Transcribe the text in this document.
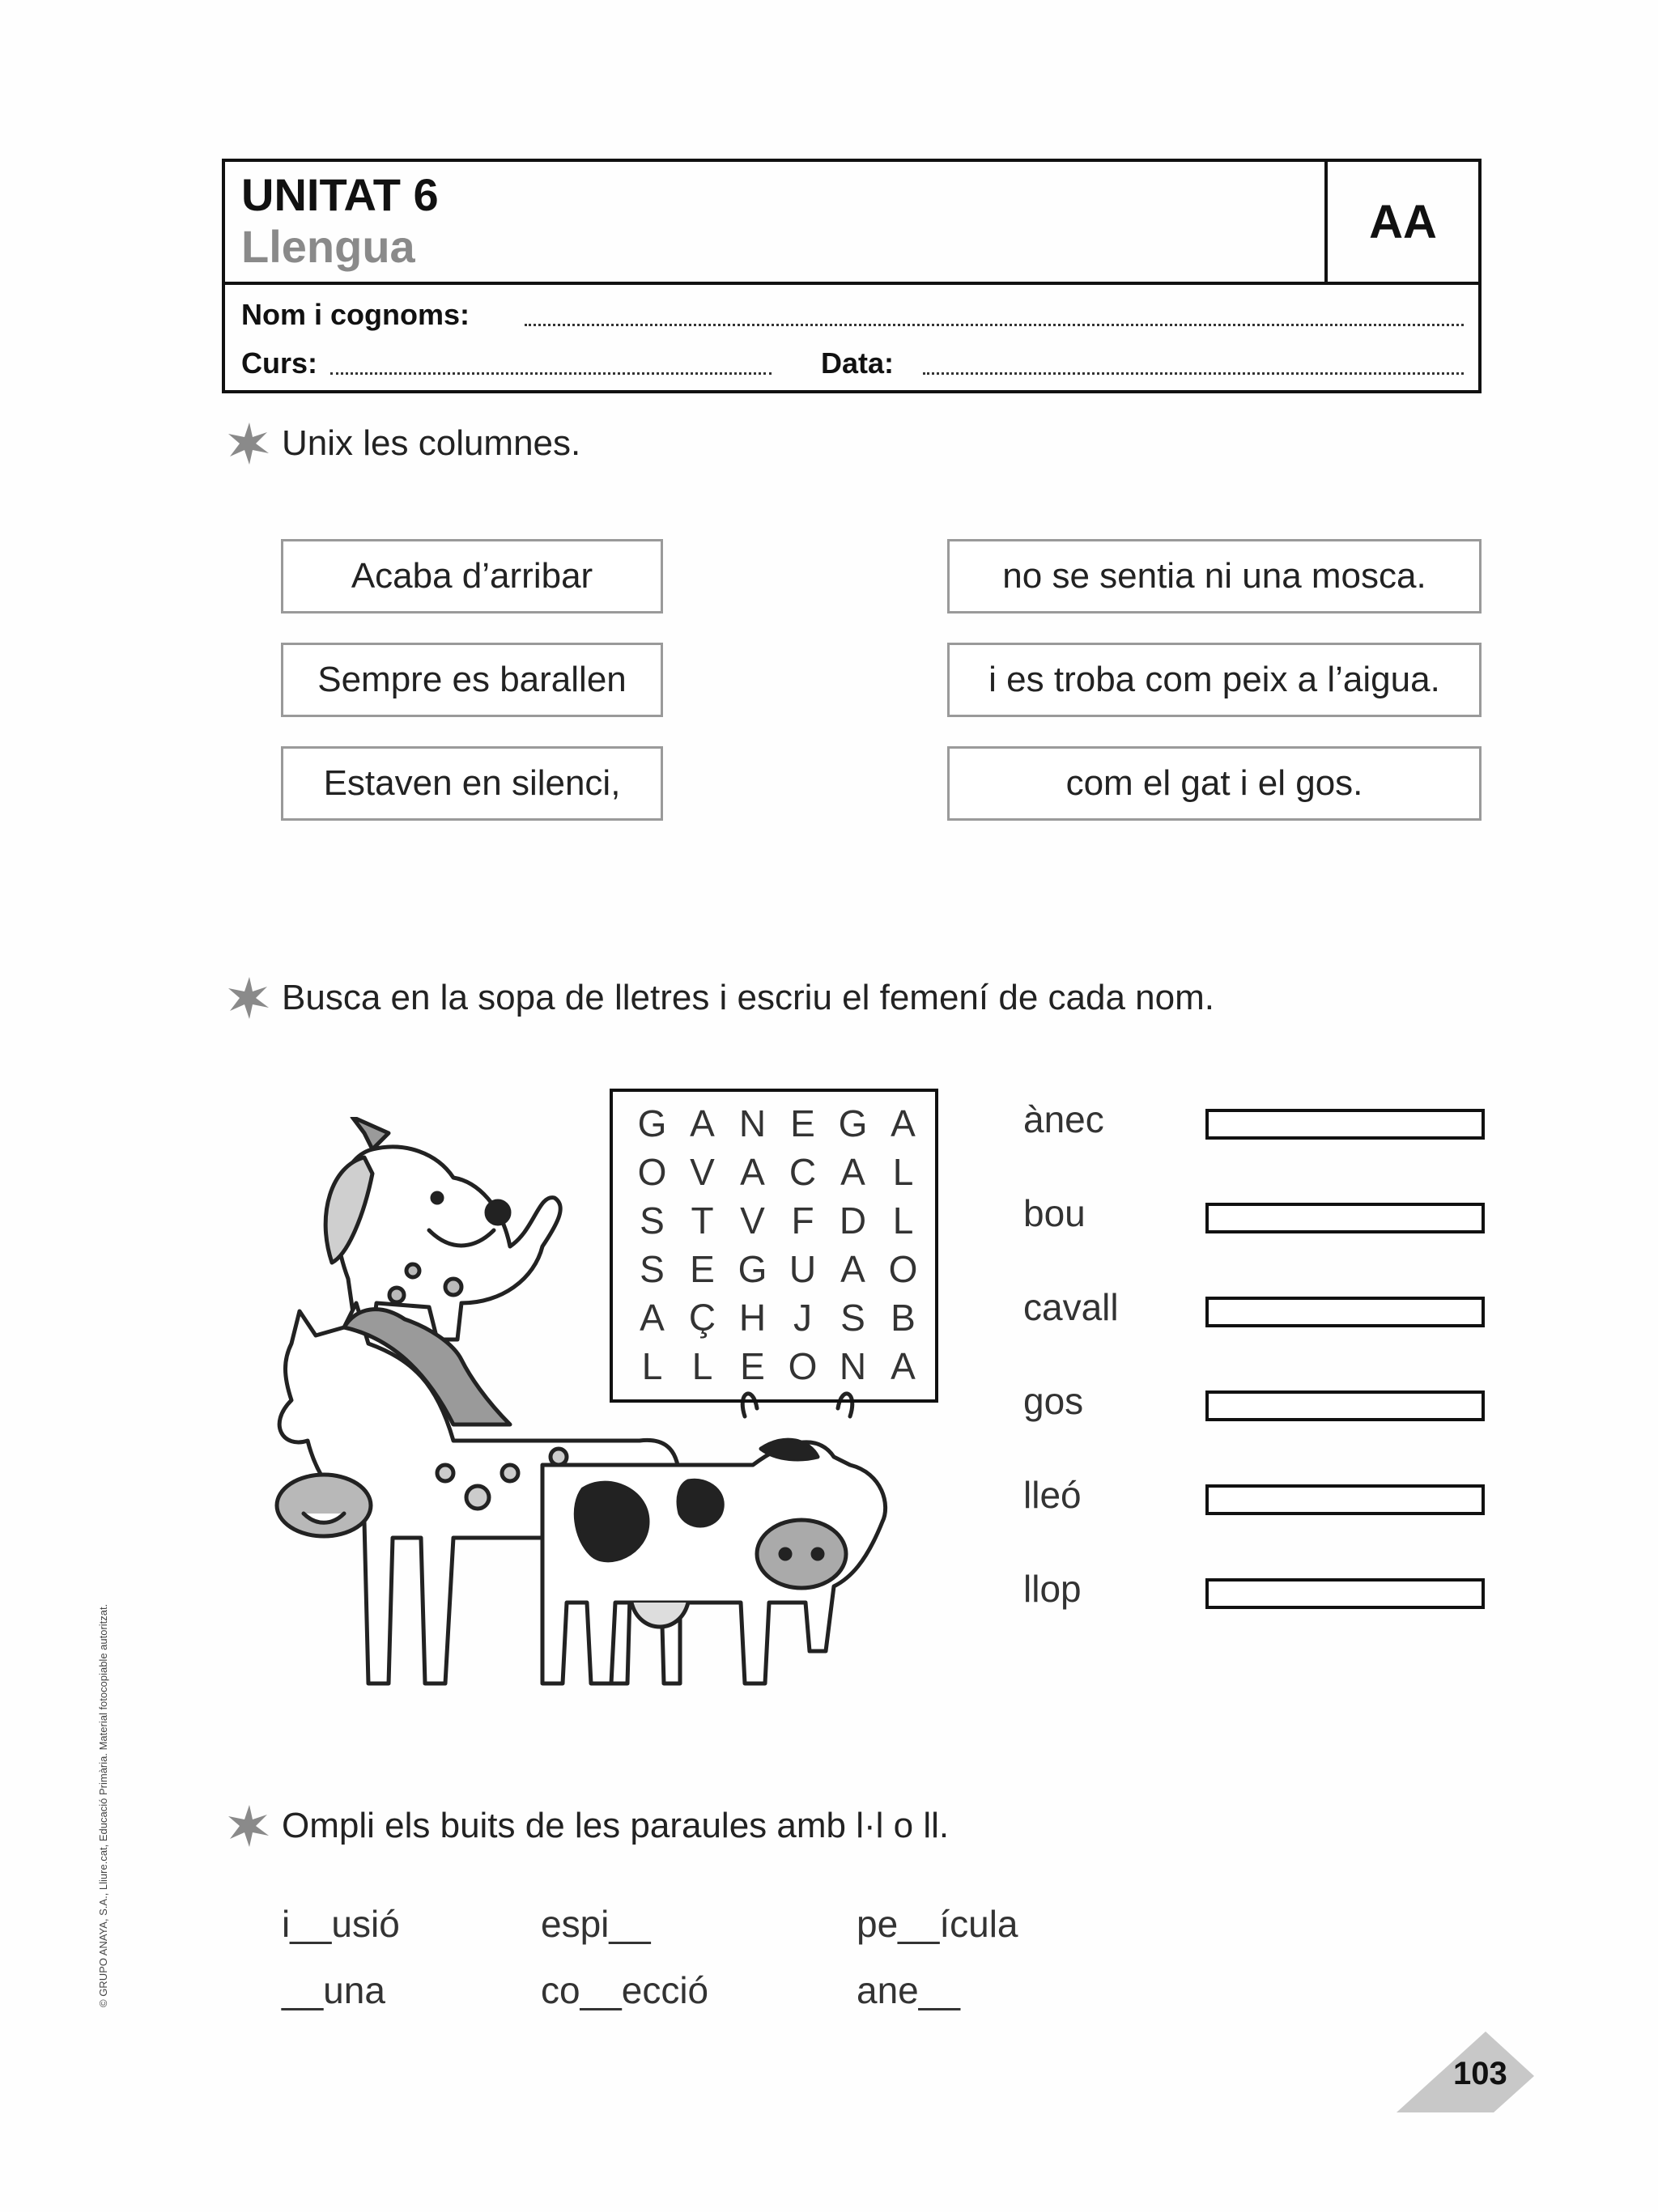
UNITAT 6
Llengua	AA
Nom i cognoms:
Curs:	Data:
Unix les columnes.
Acaba d’arribar
Sempre es barallen
Estaven en silenci,
no se sentia ni una mosca.
i es troba com peix a l’aigua.
com el gat i el gos.
Busca en la sopa de lletres i escriu el femení de cada nom.
G A N E G A
O V A C A L
S T V F D L
S E G U A O
A Ç H J S B
L L E O N A
ànec
bou
cavall
gos
lleó
llop
Ompli els buits de les paraules amb l·l o ll.
i__usió	espi__	pe__ícula
__una	co__ecció	ane__
© GRUPO ANAYA, S.A., Lliure.cat, Educació Primària. Material fotocopiable autoritzat.
103
